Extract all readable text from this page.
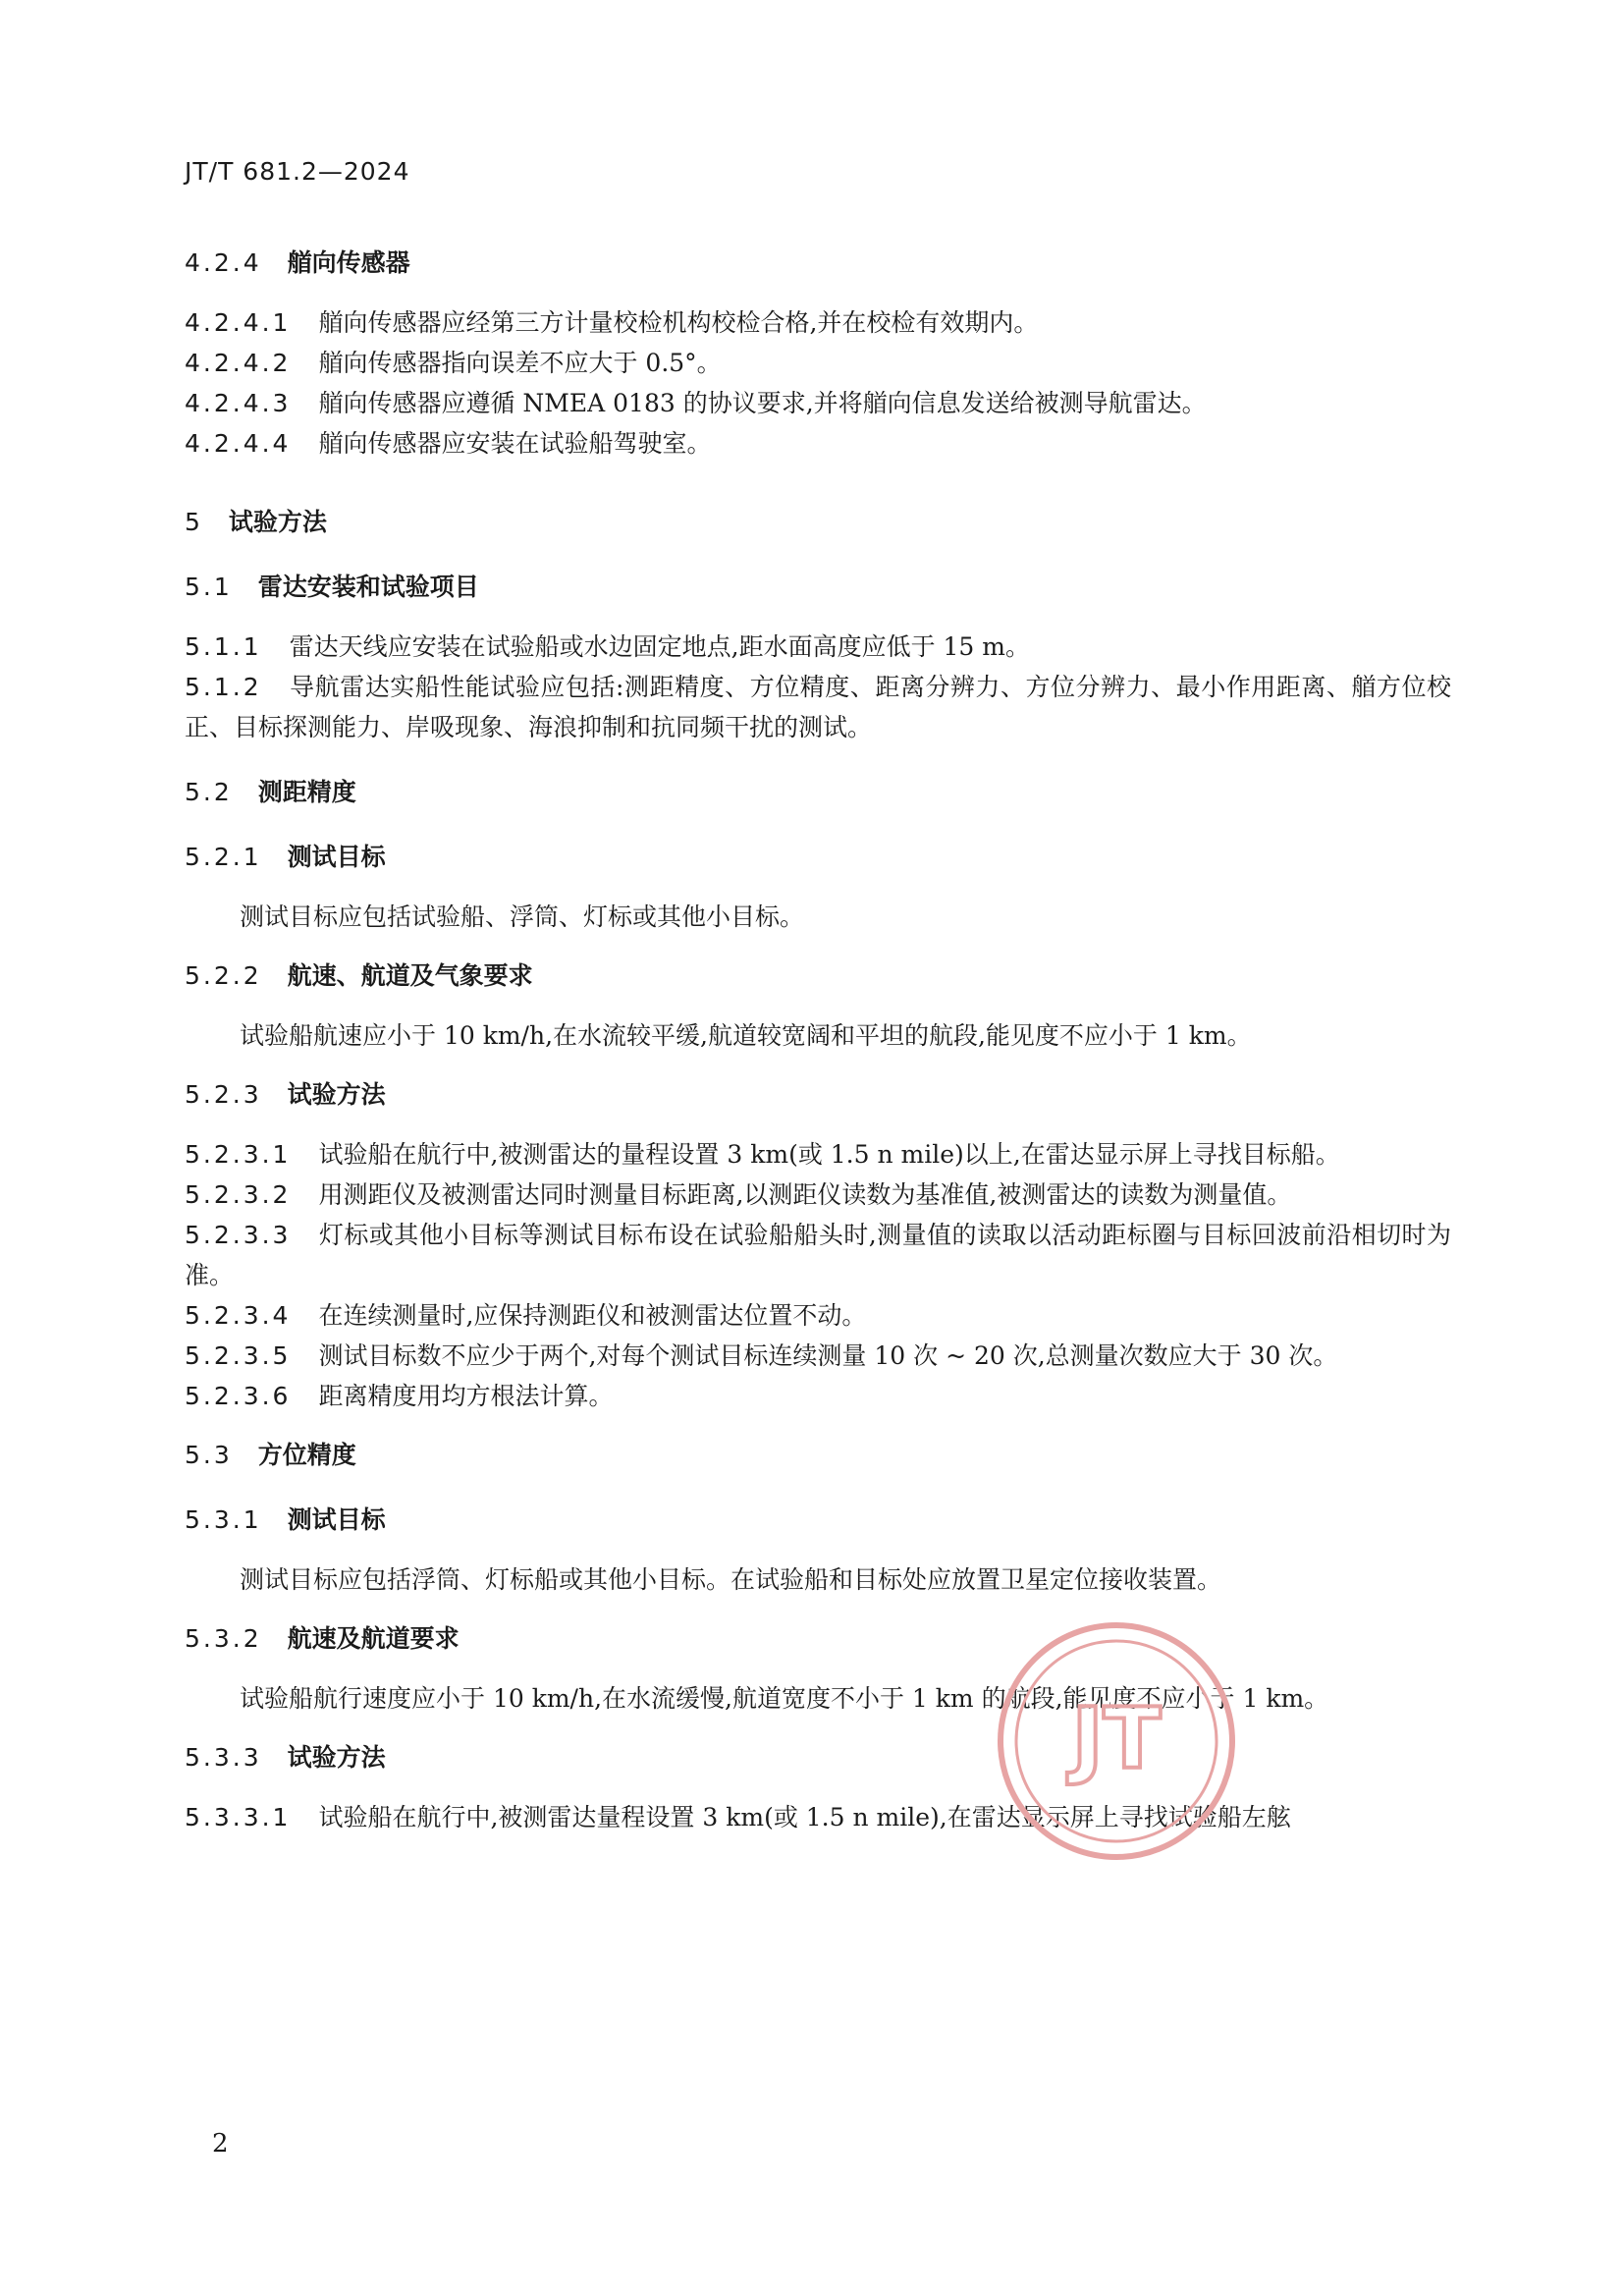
JT/T 681.2—2024

4.2.4 艏向传感器

4.2.4.1 艏向传感器应经第三方计量校检机构校检合格,并在校检有效期内。

4.2.4.2 艏向传感器指向误差不应大于 0.5°。

4.2.4.3 艏向传感器应遵循 NMEA 0183 的协议要求,并将艏向信息发送给被测导航雷达。

4.2.4.4 艏向传感器应安装在试验船驾驶室。

5 试验方法

5.1 雷达安装和试验项目

5.1.1 雷达天线应安装在试验船或水边固定地点,距水面高度应低于 15 m。

5.1.2 导航雷达实船性能试验应包括:测距精度、方位精度、距离分辨力、方位分辨力、最小作用距离、艏方位校正、目标探测能力、岸吸现象、海浪抑制和抗同频干扰的测试。

5.2 测距精度

5.2.1 测试目标

测试目标应包括试验船、浮筒、灯标或其他小目标。

5.2.2 航速、航道及气象要求

试验船航速应小于 10 km/h,在水流较平缓,航道较宽阔和平坦的航段,能见度不应小于 1 km。

5.2.3 试验方法

5.2.3.1 试验船在航行中,被测雷达的量程设置 3 km(或 1.5 n mile)以上,在雷达显示屏上寻找目标船。

5.2.3.2 用测距仪及被测雷达同时测量目标距离,以测距仪读数为基准值,被测雷达的读数为测量值。

5.2.3.3 灯标或其他小目标等测试目标布设在试验船船头时,测量值的读取以活动距标圈与目标回波前沿相切时为准。

5.2.3.4 在连续测量时,应保持测距仪和被测雷达位置不动。

5.2.3.5 测试目标数不应少于两个,对每个测试目标连续测量 10 次 ~ 20 次,总测量次数应大于 30 次。

5.2.3.6 距离精度用均方根法计算。

5.3 方位精度

5.3.1 测试目标

测试目标应包括浮筒、灯标船或其他小目标。在试验船和目标处应放置卫星定位接收装置。

5.3.2 航速及航道要求

试验船航行速度应小于 10 km/h,在水流缓慢,航道宽度不小于 1 km 的航段,能见度不应小于 1 km。

5.3.3 试验方法

5.3.3.1 试验船在航行中,被测雷达量程设置 3 km(或 1.5 n mile),在雷达显示屏上寻找试验船左舷

JT
2
